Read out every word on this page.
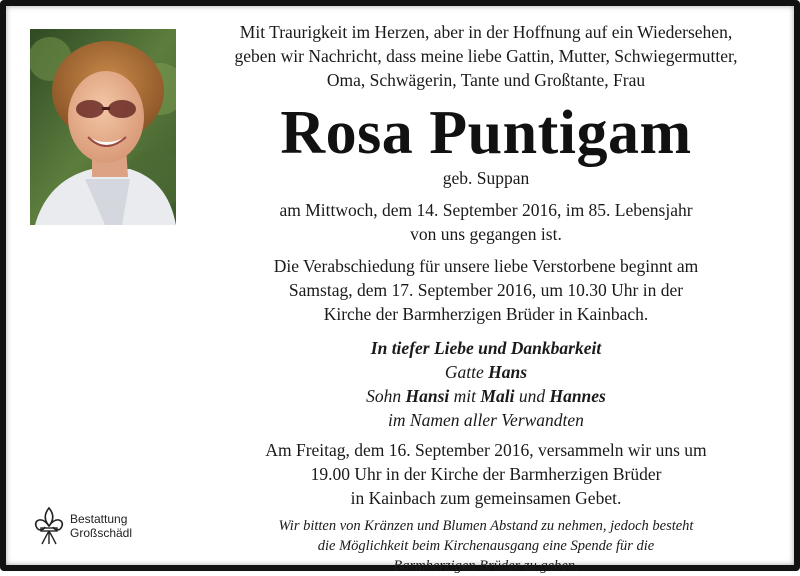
Mit Traurigkeit im Herzen, aber in der Hoffnung auf ein Wiedersehen,
geben wir Nachricht, dass meine liebe Gattin, Mutter, Schwiegermutter,
Oma, Schwägerin, Tante und Großtante, Frau

Rosa Puntigam

geb. Suppan

am Mittwoch, dem 14. September 2016, im 85. Lebensjahr
von uns gegangen ist.

Die Verabschiedung für unsere liebe Verstorbene beginnt am
Samstag, dem 17. September 2016, um 10.30 Uhr in der
Kirche der Barmherzigen Brüder in Kainbach.

In tiefer Liebe und Dankbarkeit
Gatte Hans
Sohn Hansi mit Mali und Hannes
im Namen aller Verwandten

Am Freitag, dem 16. September 2016, versammeln wir uns um
19.00 Uhr in der Kirche der Barmherzigen Brüder
in Kainbach zum gemeinsamen Gebet.

Wir bitten von Kränzen und Blumen Abstand zu nehmen, jedoch besteht
die Möglichkeit beim Kirchenausgang eine Spende für die
Barmherzigen Brüder zu geben.

Bestattung
Großschädl
